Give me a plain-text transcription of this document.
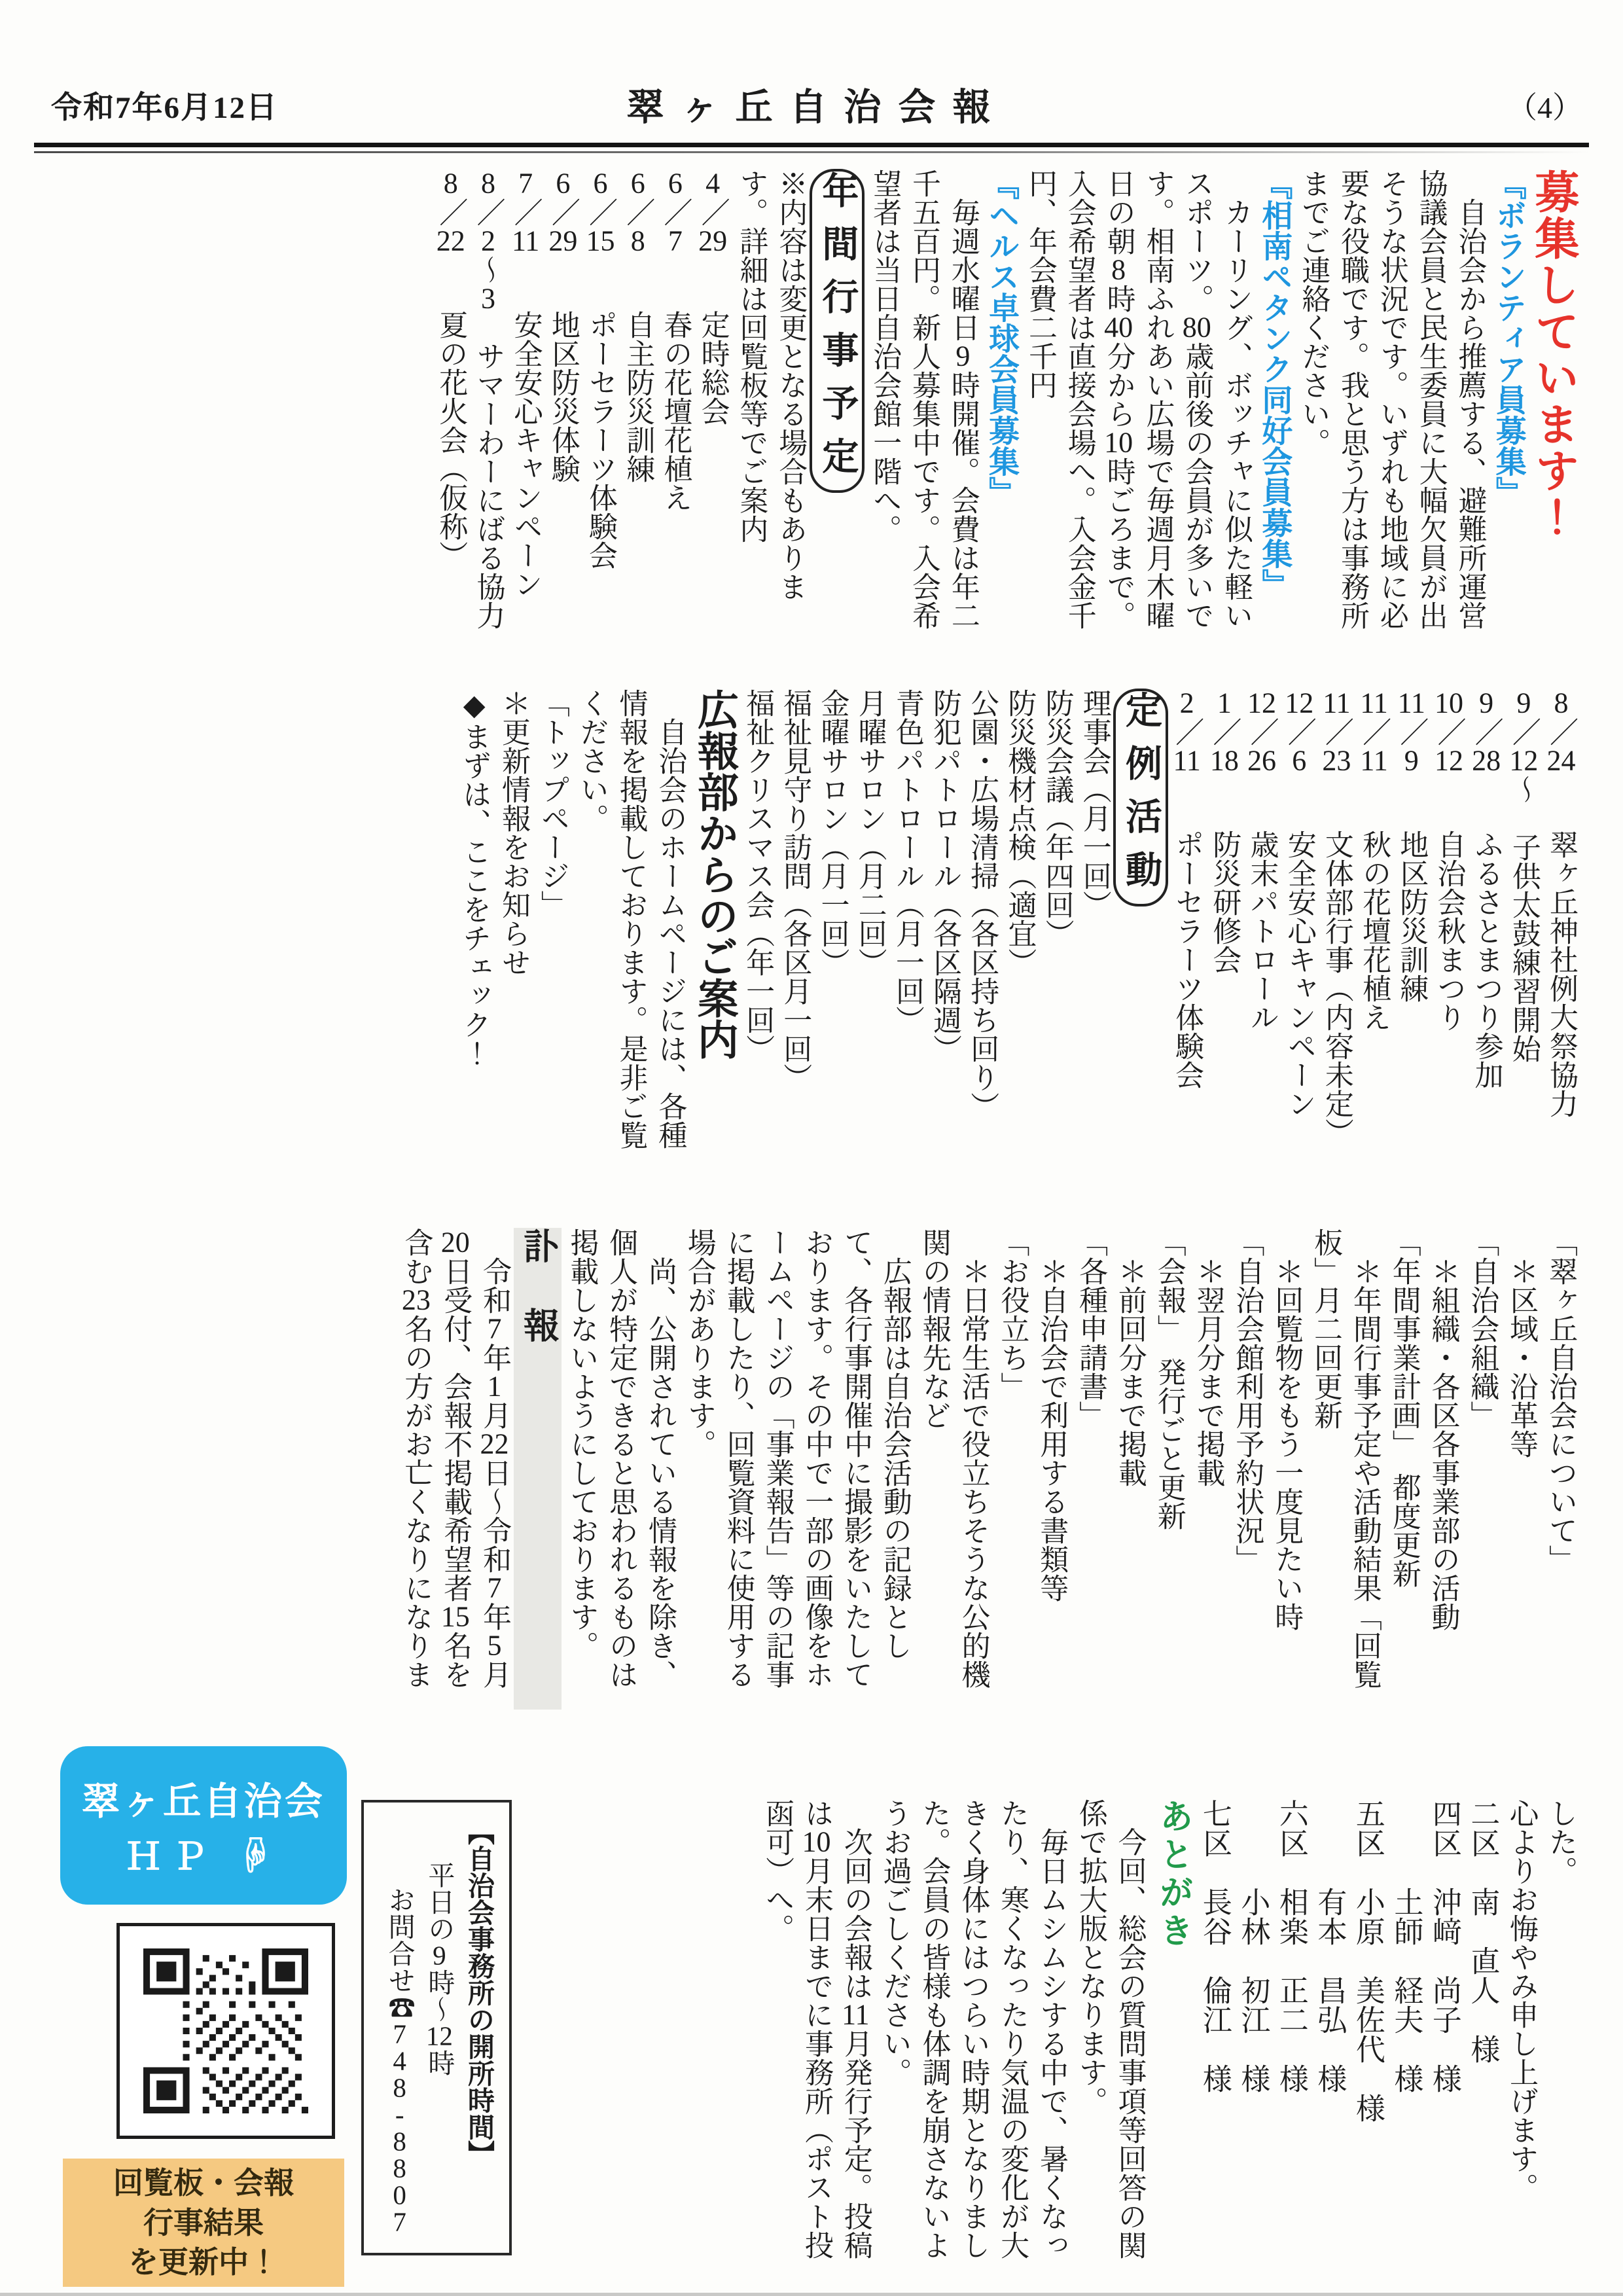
令和7年6月12日	翠ヶ丘自治会報	（4）
募集しています！
『ボランティア員募集』

自治会から推薦する、避難所運営協議会員と民生委員に大幅欠員が出そうな状況です。いずれも地域に必要な役職です。我と思う方は事務所までご連絡ください。

『相南ペタンク同好会員募集』

カーリング、ボッチャに似た軽いスポーツ。80歳前後の会員が多いです。相南ふれあい広場で毎週月木曜日の朝8時40分から10時ごろまで。入会希望者は直接会場へ。入会金千円、年会費二千円

『ヘルス卓球会員募集』

毎週水曜日9時開催。会費は年二千五百円。新人募集中です。入会希望者は当日自治会館一階へ。

年間行事予定

※内容は変更となる場合もあります。詳細は回覧板等でご案内

4／29定時総会

6／7春の花壇花植え

6／8自主防災訓練

6／15ポーセラーツ体験会

6／29地区防災体験

7／11安全安心キャンペーン

8／2～3サマーわーにばる協力

8／22夏の花火会（仮称）

8／24翠ヶ丘神社例大祭協力

9／12～子供太鼓練習開始

9／28ふるさとまつり参加

10／12自治会秋まつり

11／9地区防災訓練

11／11秋の花壇花植え

11／23文体部行事（内容未定）

12／6安全安心キャンペーン

12／26歳末パトロール

1／18防災研修会

2／11ポーセラーツ体験会

定例活動

理事会（月一回）

防災会議（年四回）

防災機材点検（適宜）

公園・広場清掃（各区持ち回り）

防犯パトロール（各区隔週）

青色パトロール（月一回）

月曜サロン（月二回）

金曜サロン（月一回）

福祉見守り訪問（各区月一回）

福祉クリスマス会（年一回）

広報部からのご案内

自治会のホームページには、各種情報を掲載しております。是非ご覧ください。

「トップページ」

＊更新情報をお知らせ

◆まずは、ここをチェック！

「翠ヶ丘自治会について」

＊区域・沿革等

「自治会組織」

＊組織・各区各事業部の活動

「年間事業計画」　都度更新

＊年間行事予定や活動結果「回覧板」月二回更新

＊回覧物をもう一度見たい時

「自治会館利用予約状況」

＊翌月分まで掲載

「会報」　発行ごと更新

＊前回分まで掲載

「各種申請書」

＊自治会で利用する書類等

「お役立ち」

＊日常生活で役立ちそうな公的機関の情報先など

広報部は自治会活動の記録として、各行事開催中に撮影をいたしております。その中で一部の画像をホームページの「事業報告」等の記事に掲載したり、回覧資料に使用する場合があります。

尚、公開されている情報を除き、個人が特定できると思われるものは掲載しないようにしております。

訃　報

令和7年1月22日～令和7年5月20日受付、会報不掲載希望者15名を含む23名の方がお亡くなりになりま

した。

心よりお悔やみ申し上げます。

二区　南　直人　様

四区　沖﨑　尚子　様

　　　土師　経夫　様

五区　小原　美佐代　様

　　　有本　昌弘　様

六区　相楽　正二　様

　　　小林　初江　様

七区　長谷　倫江　様

あとがき

今回、総会の質問事項等回答の関係で拡大版となります。

毎日ムシムシする中で、暑くなったり、寒くなったり気温の変化が大きく身体にはつらい時期となりました。会員の皆様も体調を崩さないようお過ごしください。

次回の会報は11月発行予定。投稿は10月末日までに事務所（ポスト投函可）へ。

【自治会事務所の開所時間】

平日の9時～12時

お問合せ☎748-8807

翠ヶ丘自治会
ＨＰ ☟
回覧板・会報
行事結果
を更新中！
